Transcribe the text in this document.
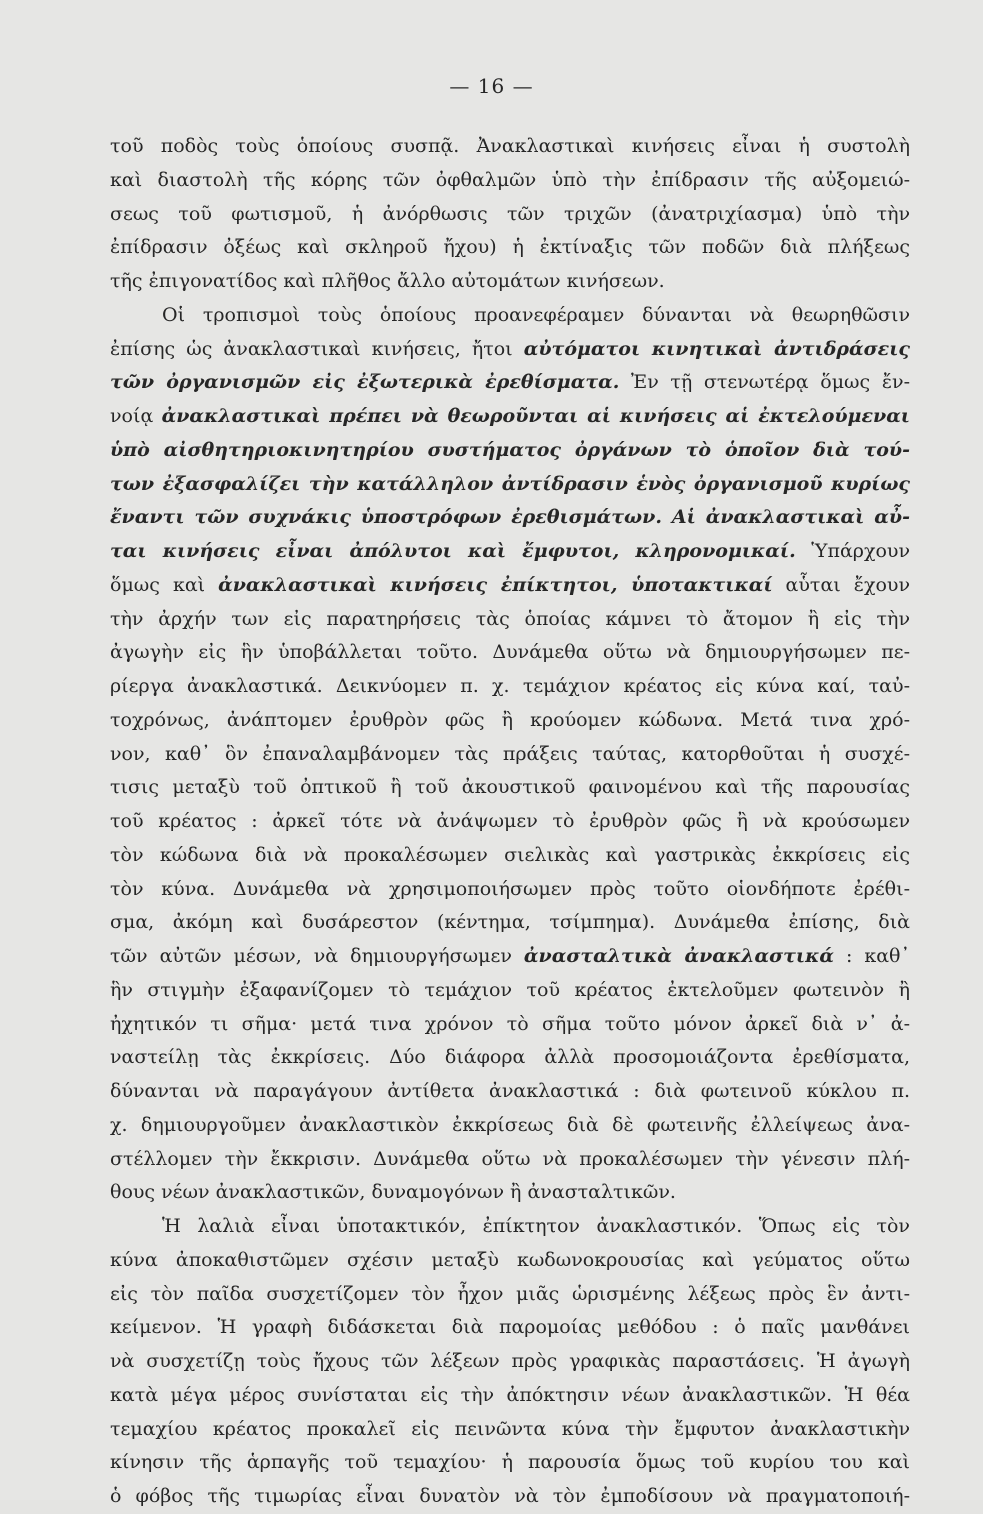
— 16 —
τοῦ ποδὸς τοὺς ὁποίους συσπᾷ. Ἀνακλαστικαὶ κινήσεις εἶναι ἡ συστολὴ
καὶ διαστολὴ τῆς κόρης τῶν ὀφθαλμῶν ὑπὸ τὴν ἐπίδρασιν τῆς αὐξομειώ-
σεως τοῦ φωτισμοῦ, ἡ ἀνόρθωσις τῶν τριχῶν (ἀνατριχίασμα) ὑπὸ τὴν
ἐπίδρασιν ὀξέως καὶ σκληροῦ ἤχου) ἡ ἐκτίναξις τῶν ποδῶν διὰ πλήξεως
τῆς ἐπιγονατίδος καὶ πλῆθος ἄλλο αὐτομάτων κινήσεων.
Οἱ τροπισμοὶ τοὺς ὁποίους προανεφέραμεν δύνανται νὰ θεωρηθῶσιν
ἐπίσης ὡς ἀνακλαστικαὶ κινήσεις, ἤτοι αὐτόματοι κινητικαὶ ἀντιδράσεις
τῶν ὀργανισμῶν εἰς ἐξωτερικὰ ἐρεθίσματα. Ἐν τῇ στενωτέρᾳ ὅμως ἔν-
νοίᾳ ἀνακλαστικαὶ πρέπει νὰ θεωροῦνται αἱ κινήσεις αἱ ἐκτελούμεναι
ὑπὸ αἰσθητηριοκινητηρίου συστήματος ὀργάνων τὸ ὁποῖον διὰ τού-
των ἐξασφαλίζει τὴν κατάλληλον ἀντίδρασιν ἑνὸς ὀργανισμοῦ κυρίως
ἔναντι τῶν συχνάκις ὑποστρόφων ἐρεθισμάτων. Αἱ ἀνακλαστικαὶ αὖ-
ται κινήσεις εἶναι ἀπόλυτοι καὶ ἔμφυτοι, κληρονομικαί. Ὑπάρχουν
ὅμως καὶ ἀνακλαστικαὶ κινήσεις ἐπίκτητοι, ὑποτακτικαί αὗται ἔχουν
τὴν ἀρχήν των εἰς παρατηρήσεις τὰς ὁποίας κάμνει τὸ ἄτομον ἢ εἰς τὴν
ἀγωγὴν εἰς ἣν ὑποβάλλεται τοῦτο. Δυνάμεθα οὕτω νὰ δημιουργήσωμεν πε-
ρίεργα ἀνακλαστικά. Δεικνύομεν π. χ. τεμάχιον κρέατος εἰς κύνα καί, ταὐ-
τοχρόνως, ἀνάπτομεν ἐρυθρὸν φῶς ἢ κρούομεν κώδωνα. Μετά τινα χρό-
νον, καθ᾽ ὃν ἐπαναλαμβάνομεν τὰς πράξεις ταύτας, κατορθοῦται ἡ συσχέ-
τισις μεταξὺ τοῦ ὀπτικοῦ ἢ τοῦ ἀκουστικοῦ φαινομένου καὶ τῆς παρουσίας
τοῦ κρέατος : ἀρκεῖ τότε νὰ ἀνάψωμεν τὸ ἐρυθρὸν φῶς ἢ νὰ κρούσωμεν
τὸν κώδωνα διὰ νὰ προκαλέσωμεν σιελικὰς καὶ γαστρικὰς ἐκκρίσεις εἰς
τὸν κύνα. Δυνάμεθα νὰ χρησιμοποιήσωμεν πρὸς τοῦτο οἱονδήποτε ἐρέθι-
σμα, ἀκόμη καὶ δυσάρεστον (κέντημα, τσίμπημα). Δυνάμεθα ἐπίσης, διὰ
τῶν αὐτῶν μέσων, νὰ δημιουργήσωμεν ἀνασταλτικὰ ἀνακλαστικά : καθ᾽
ἣν στιγμὴν ἐξαφανίζομεν τὸ τεμάχιον τοῦ κρέατος ἐκτελοῦμεν φωτεινὸν ἢ
ἠχητικόν τι σῆμα· μετά τινα χρόνον τὸ σῆμα τοῦτο μόνον ἀρκεῖ διὰ ν᾽ ἀ-
ναστείλῃ τὰς ἐκκρίσεις. Δύο διάφορα ἀλλὰ προσομοιάζοντα ἐρεθίσματα,
δύνανται νὰ παραγάγουν ἀντίθετα ἀνακλαστικά : διὰ φωτεινοῦ κύκλου π.
χ. δημιουργοῦμεν ἀνακλαστικὸν ἐκκρίσεως διὰ δὲ φωτεινῆς ἐλλείψεως ἀνα-
στέλλομεν τὴν ἔκκρισιν. Δυνάμεθα οὕτω νὰ προκαλέσωμεν τὴν γένεσιν πλή-
θους νέων ἀνακλαστικῶν, δυναμογόνων ἢ ἀνασταλτικῶν.
Ἡ λαλιὰ εἶναι ὑποτακτικόν, ἐπίκτητον ἀνακλαστικόν. Ὅπως εἰς τὸν
κύνα ἀποκαθιστῶμεν σχέσιν μεταξὺ κωδωνοκρουσίας καὶ γεύματος οὕτω
εἰς τὸν παῖδα συσχετίζομεν τὸν ἦχον μιᾶς ὡρισμένης λέξεως πρὸς ἓν ἀντι-
κείμενον. Ἡ γραφὴ διδάσκεται διὰ παρομοίας μεθόδου : ὁ παῖς μανθάνει
νὰ συσχετίζῃ τοὺς ἤχους τῶν λέξεων πρὸς γραφικὰς παραστάσεις. Ἡ ἀγωγὴ
κατὰ μέγα μέρος συνίσταται εἰς τὴν ἀπόκτησιν νέων ἀνακλαστικῶν. Ἡ θέα
τεμαχίου κρέατος προκαλεῖ εἰς πεινῶντα κύνα τὴν ἔμφυτον ἀνακλαστικὴν
κίνησιν τῆς ἁρπαγῆς τοῦ τεμαχίου· ἡ παρουσία ὅμως τοῦ κυρίου του καὶ
ὁ φόβος τῆς τιμωρίας εἶναι δυνατὸν νὰ τὸν ἐμποδίσουν νὰ πραγματοποιή-
